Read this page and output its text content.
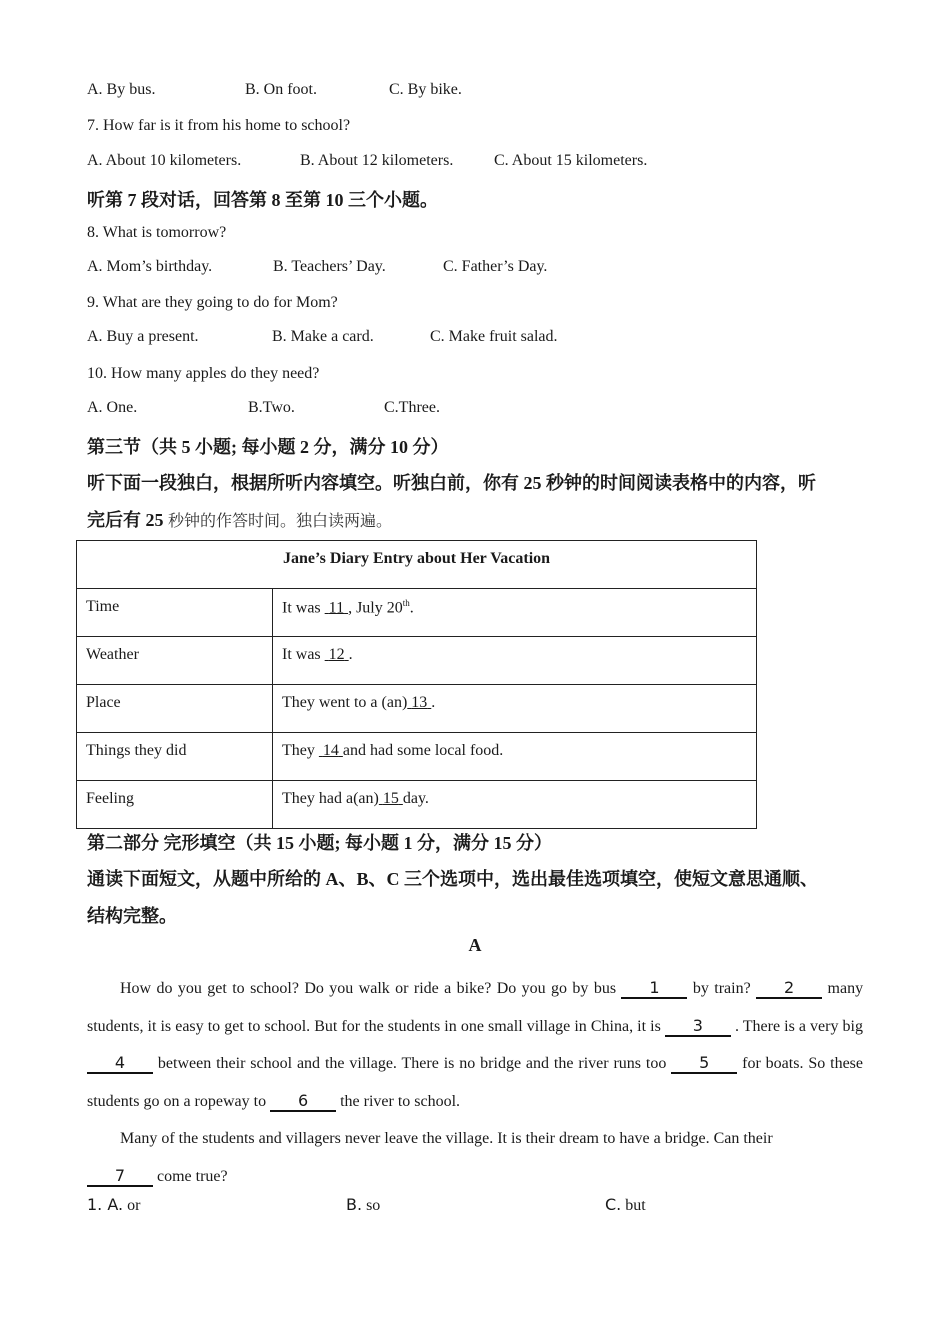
A. By bus.	B. On foot.	C. By bike.
7. How far is it from his home to school?
A. About 10 kilometers.	B. About 12 kilometers.	C. About 15 kilometers.
听第 7 段对话，回答第 8 至第 10 三个小题。
8. What is tomorrow?
A. Mom’s birthday.	B. Teachers’ Day.	C. Father’s Day.
9. What are they going to do for Mom?
A. Buy a present.	B. Make a card.	C. Make fruit salad.
10. How many apples do they need?
A. One.	B.Two.	C.Three.
第三节（共 5 小题; 每小题 2 分，满分 10 分）
听下面一段独白，根据所听内容填空。听独白前，你有 25 秒钟的时间阅读表格中的内容，听
完后有 25 秒钟的作答时间。独白读两遍。
Jane’s Diary Entry about Her Vacation	
Time	It was 11 , July 20th.
Weather	It was 12 .
Place	They went to a (an) 13 .
Things they did	They 14 and had some local food.
Feeling	They had a(an) 15 day.
第二部分 完形填空（共 15 小题; 每小题 1 分，满分 15 分）
通读下面短文，从题中所给的 A、B、C 三个选项中，选出最佳选项填空，使短文意思通顺、
结构完整。
A
How do you get to school? Do you walk or ride a bike? Do you go by bus 1 by train? 2 many students, it is easy to get to school. But for the students in one small village in China, it is 3 . There is a very big 4 between their school and the village. There is no bridge and the river runs too 5 for boats. So these students go on a ropeway to 6 the river to school.
Many of the students and villagers never leave the village. It is their dream to have a bridge. Can their
7 come true?
1. A. or	B. so	C. but
